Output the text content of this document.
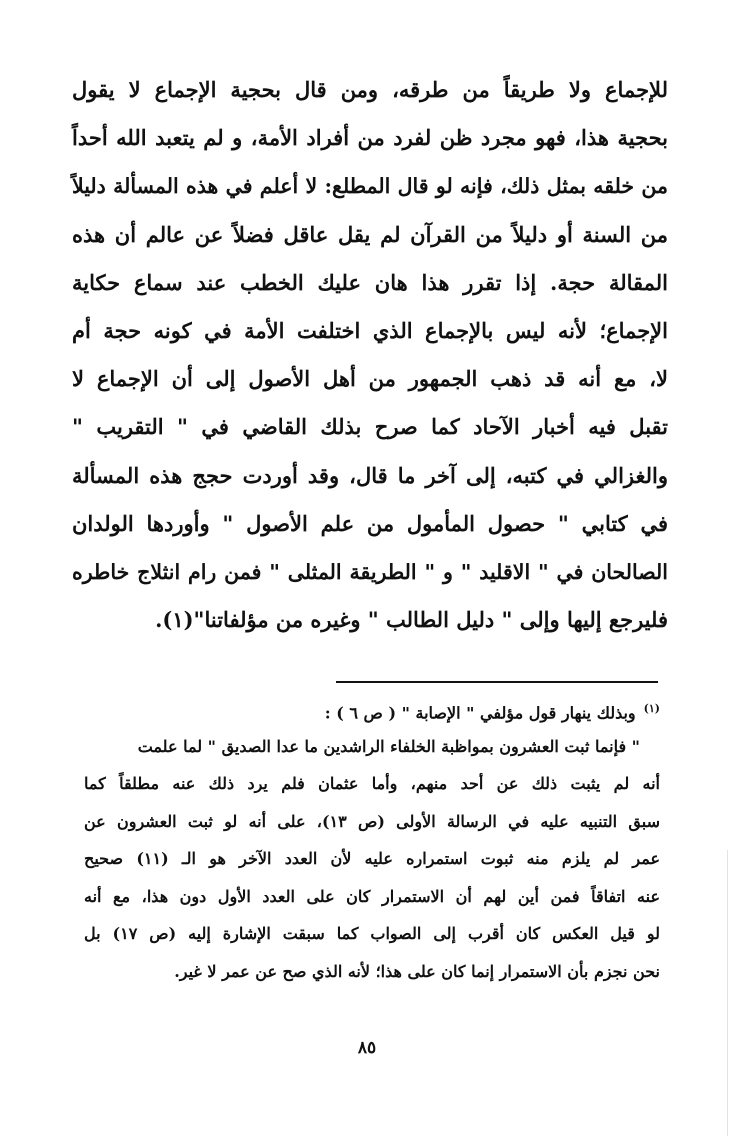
للإجماع ولا طريقاً من طرقه، ومن قال بحجية الإجماع لا يقول
بحجية هذا، فهو مجرد ظن لفرد من أفراد الأمة، و لم يتعبد الله أحداً
من خلقه بمثل ذلك، فإنه لو قال المطلع: لا أعلم في هذه المسألة دليلاً
من السنة أو دليلاً من القرآن لم يقل عاقل فضلاً عن عالم أن هذه
المقالة حجة. إذا تقرر هذا هان عليك الخطب عند سماع حكاية
الإجماع؛ لأنه ليس بالإجماع الذي اختلفت الأمة في كونه حجة أم
لا، مع أنه قد ذهب الجمهور من أهل الأصول إلى أن الإجماع لا
تقبل فيه أخبار الآحاد كما صرح بذلك القاضي في " التقريب "
والغزالي في كتبه، إلى آخر ما قال، وقد أوردت حجج هذه المسألة
في كتابي " حصول المأمول من علم الأصول " وأوردها الولدان
الصالحان في " الاقليد " و " الطريقة المثلى " فمن رام انثلاج خاطره
فليرجع إليها وإلى " دليل الطالب " وغيره من مؤلفاتنا"(١).
$^{(١)}$وبذلك ينهار قول مؤلفي " الإصابة " ( ص ٦ ) :
" فإنما ثبت العشرون بمواظبة الخلفاء الراشدين ما عدا الصديق " لما علمت
أنه لم يثبت ذلك عن أحد منهم، وأما عثمان فلم يرد ذلك عنه مطلقاً كما
سبق التنبيه عليه في الرسالة الأولى (ص ١٣)، على أنه لو ثبت العشرون عن
عمر لم يلزم منه ثبوت استمراره عليه لأن العدد الآخر هو الـ (١١) صحيح
عنه اتفاقاً فمن أين لهم أن الاستمرار كان على العدد الأول دون هذا، مع أنه
لو قيل العكس كان أقرب إلى الصواب كما سبقت الإشارة إليه (ص ١٧) بل
نحن نجزم بأن الاستمرار إنما كان على هذا؛ لأنه الذي صح عن عمر لا غير.
٨٥
